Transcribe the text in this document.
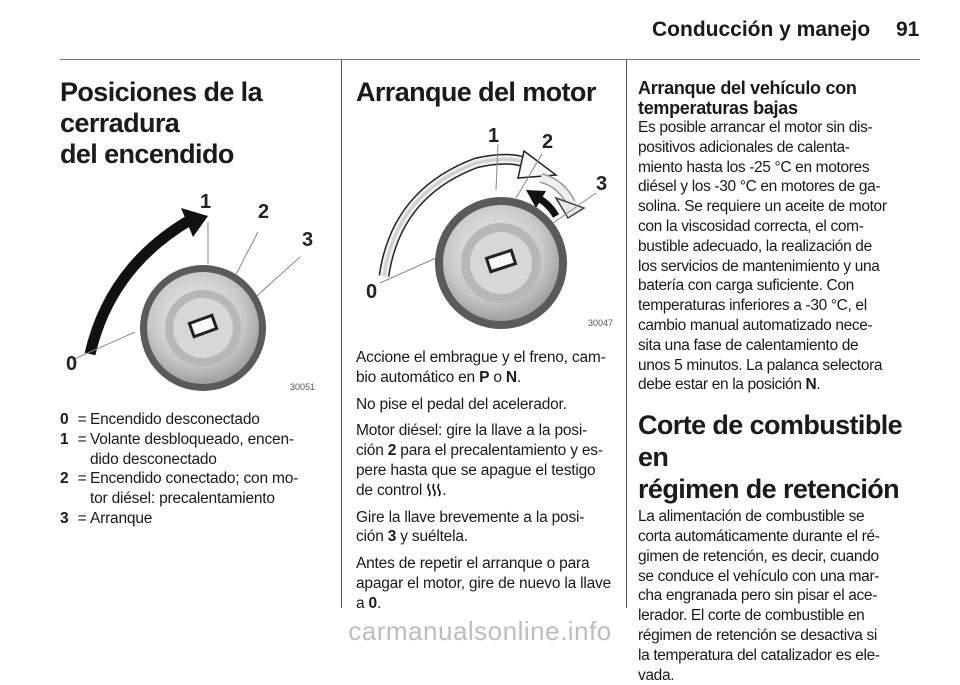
Conducción y manejo 91
Posiciones de la cerradura
del encendido
1 2
3
0
30051
0 = Encendido desconectado
1 = Volante desbloqueado, encen-
dido desconectado
2 = Encendido conectado; con mo-
tor diésel: precalentamiento
3 = Arranque
Arranque del motor
1 2
3
0
30047

Accione el embrague y el freno, cam-
bio automático en P o N.

No pise el pedal del acelerador.

Motor diésel: gire la llave a la posi-
ción 2 para el precalentamiento y es-
pere hasta que se apague el testigo
de control .

Gire la llave brevemente a la posi-
ción 3 y suéltela.

Antes de repetir el arranque o para
apagar el motor, gire de nuevo la llave
a 0.

Arranque del vehículo con
temperaturas bajas

Es posible arrancar el motor sin dis-
positivos adicionales de calenta-
miento hasta los -25 °C en motores
diésel y los -30 °C en motores de ga-
solina. Se requiere un aceite de motor
con la viscosidad correcta, el com-
bustible adecuado, la realización de
los servicios de mantenimiento y una
batería con carga suficiente. Con
temperaturas inferiores a -30 °C, el
cambio manual automatizado nece-
sita una fase de calentamiento de
unos 5 minutos. La palanca selectora
debe estar en la posición N.

Corte de combustible en
régimen de retención

La alimentación de combustible se
corta automáticamente durante el ré-
gimen de retención, es decir, cuando
se conduce el vehículo con una mar-
cha engranada pero sin pisar el ace-
lerador. El corte de combustible en
régimen de retención se desactiva si
la temperatura del catalizador es ele-
vada.

carmanualsonline.info
